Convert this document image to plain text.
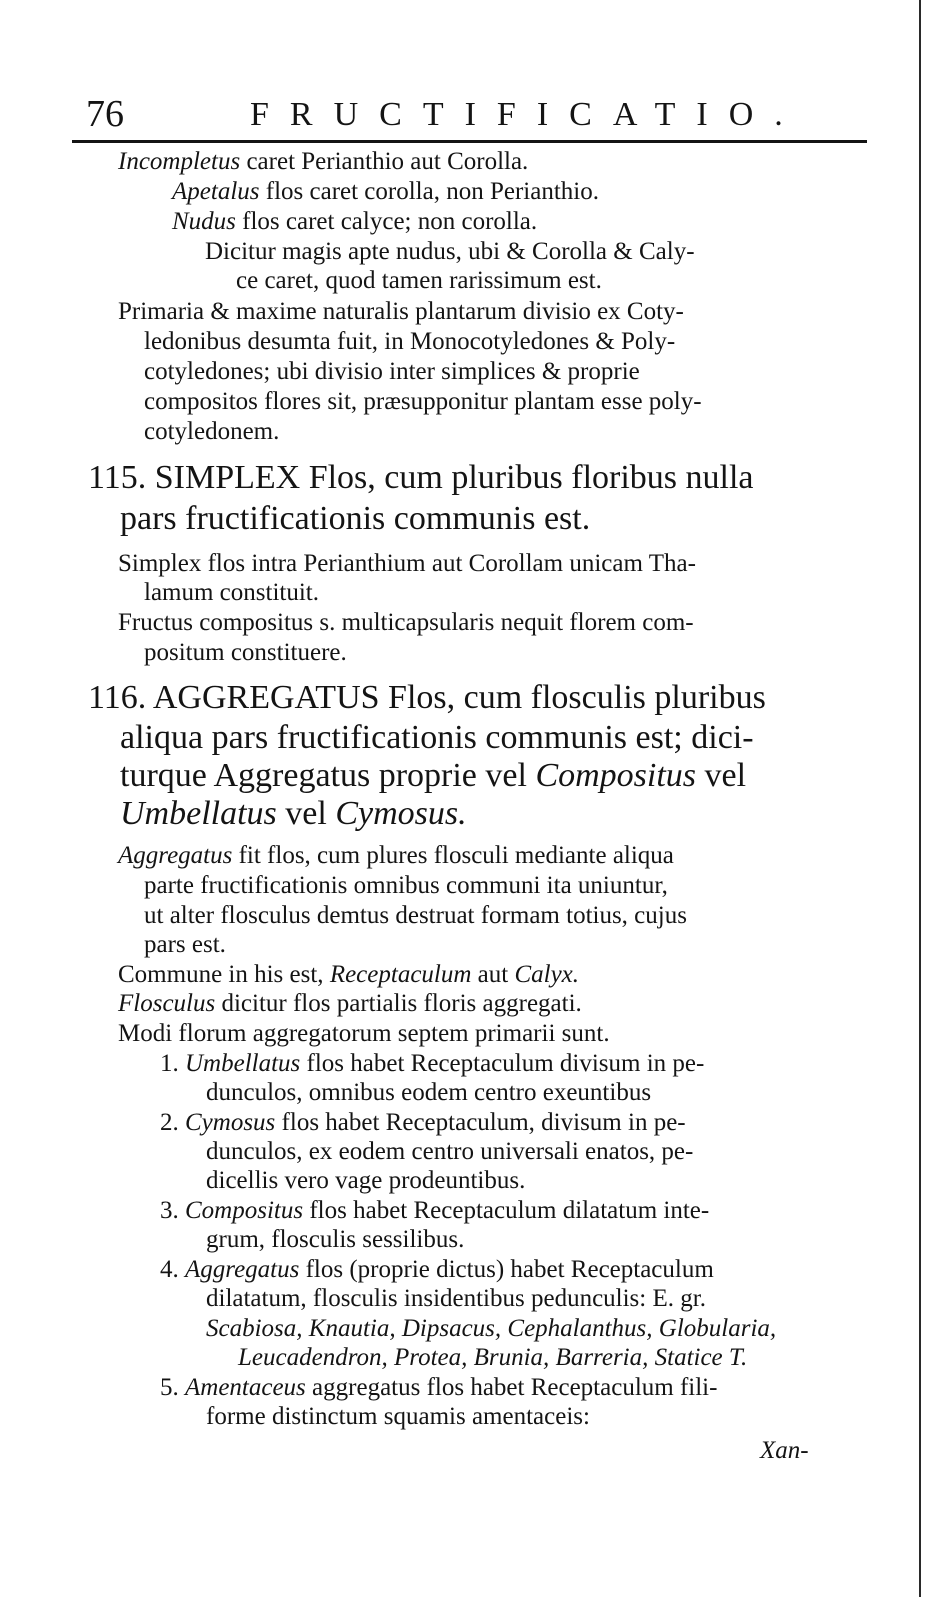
76	FRUCTIFICATIO.
Incompletus caret Perianthio aut Corolla.
Apetalus flos caret corolla, non Perianthio.
Nudus flos caret calyce; non corolla.
Dicitur magis apte nudus, ubi & Corolla & Caly-
ce caret, quod tamen rarissimum est.
Primaria & maxime naturalis plantarum divisio ex Coty-
ledonibus desumta fuit, in Monocotyledones & Poly-
cotyledones; ubi divisio inter simplices & proprie
compositos flores sit, præsupponitur plantam esse poly-
cotyledonem.
115. SIMPLEX Flos, cum pluribus floribus nulla
pars fructificationis communis est.
Simplex flos intra Perianthium aut Corollam unicam Tha-
lamum constituit.
Fructus compositus s. multicapsularis nequit florem com-
positum constituere.
116. AGGREGATUS Flos, cum flosculis pluribus
aliqua pars fructificationis communis est; dici-
turque Aggregatus proprie vel Compositus vel
Umbellatus vel Cymosus.
Aggregatus fit flos, cum plures flosculi mediante aliqua
parte fructificationis omnibus communi ita uniuntur,
ut alter flosculus demtus destruat formam totius, cujus
pars est.
Commune in his est, Receptaculum aut Calyx.
Flosculus dicitur flos partialis floris aggregati.
Modi florum aggregatorum septem primarii sunt.
1. Umbellatus flos habet Receptaculum divisum in pe-
dunculos, omnibus eodem centro exeuntibus
2. Cymosus flos habet Receptaculum, divisum in pe-
dunculos, ex eodem centro universali enatos, pe-
dicellis vero vage prodeuntibus.
3. Compositus flos habet Receptaculum dilatatum inte-
grum, flosculis sessilibus.
4. Aggregatus flos (proprie dictus) habet Receptaculum
dilatatum, flosculis insidentibus pedunculis: E. gr.
Scabiosa, Knautia, Dipsacus, Cephalanthus, Globularia,
Leucadendron, Protea, Brunia, Barreria, Statice T.
5. Amentaceus aggregatus flos habet Receptaculum fili-
forme distinctum squamis amentaceis:
Xan-
